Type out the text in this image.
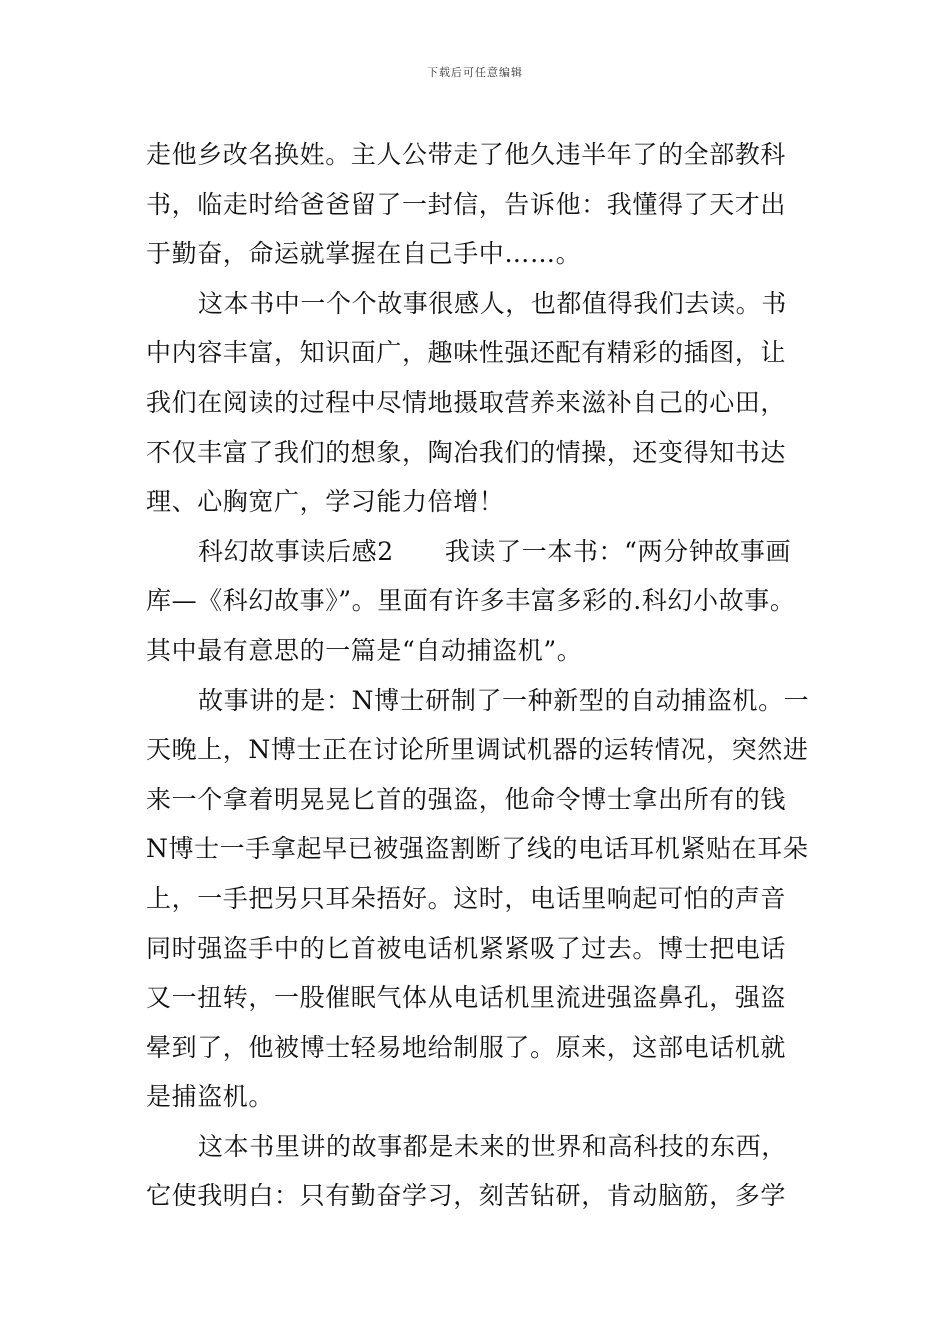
下载后可任意编辑
走他乡改名换姓。主人公带走了他久违半年了的全部教科
书，临走时给爸爸留了一封信，告诉他：我懂得了天才出
于勤奋，命运就掌握在自己手中……。
这本书中一个个故事很感人，也都值得我们去读。书
中内容丰富，知识面广，趣味性强还配有精彩的插图，让
我们在阅读的过程中尽情地摄取营养来滋补自己的心田，
不仅丰富了我们的想象，陶冶我们的情操，还变得知书达
理、心胸宽广，学习能力倍增！
科幻故事读后感2　　我读了一本书：“两分钟故事画
库—《科幻故事》”。里面有许多丰富多彩的.科幻小故事。
其中最有意思的一篇是“自动捕盗机”。
故事讲的是：N博士研制了一种新型的自动捕盗机。一
天晚上，N博士正在讨论所里调试机器的运转情况，突然进
来一个拿着明晃晃匕首的强盗，他命令博士拿出所有的钱
N博士一手拿起早已被强盗割断了线的电话耳机紧贴在耳朵
上，一手把另只耳朵捂好。这时，电话里响起可怕的声音
同时强盗手中的匕首被电话机紧紧吸了过去。博士把电话
又一扭转，一股催眠气体从电话机里流进强盗鼻孔，强盗
晕到了，他被博士轻易地给制服了。原来，这部电话机就
是捕盗机。
这本书里讲的故事都是未来的世界和高科技的东西，
它使我明白：只有勤奋学习，刻苦钻研，肯动脑筋，多学
